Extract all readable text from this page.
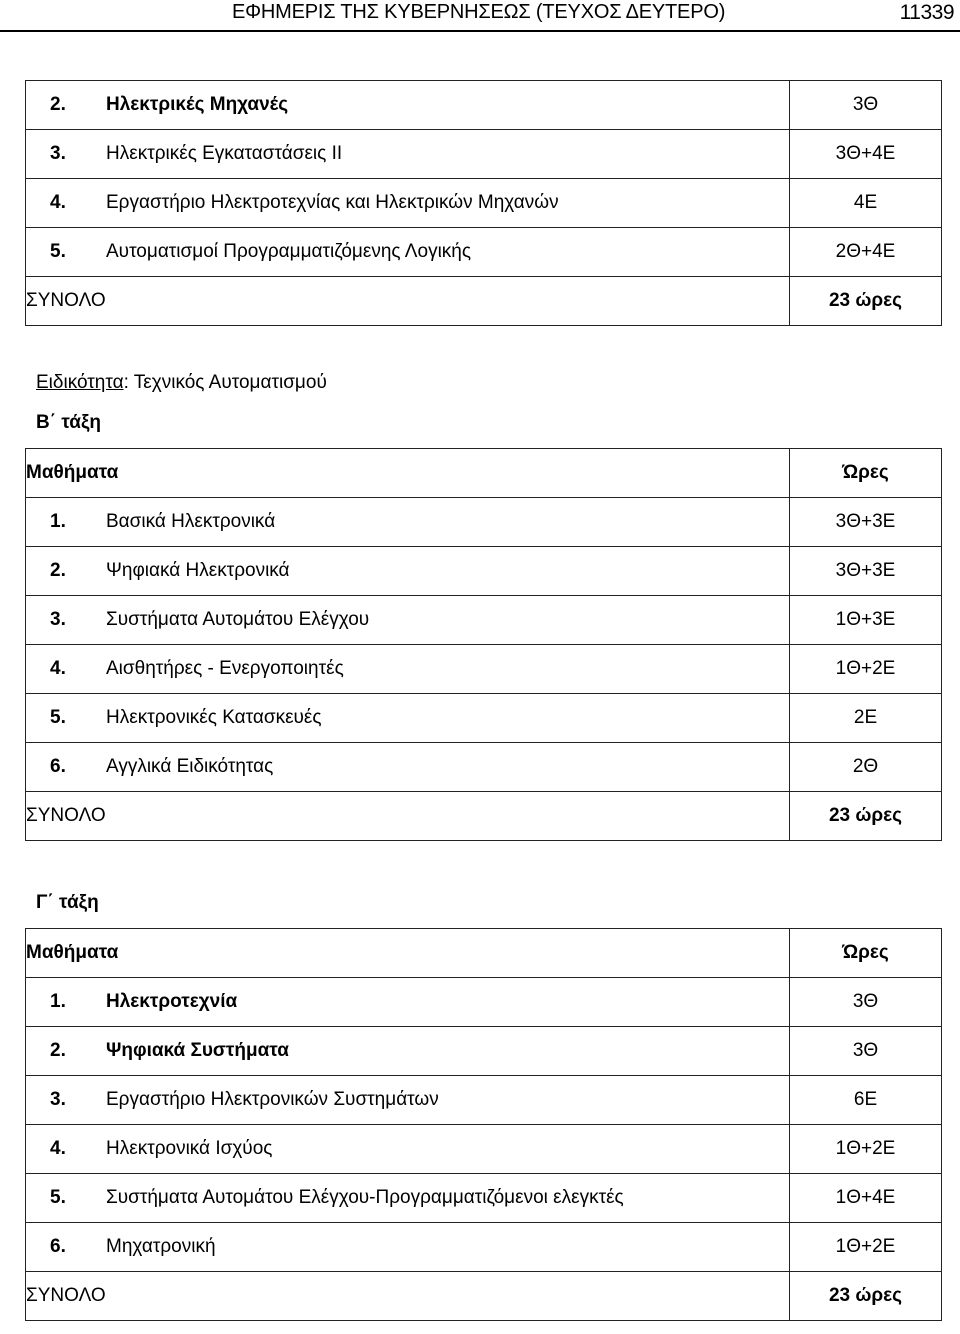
ΕΦΗΜΕΡΙΣ ΤΗΣ ΚΥΒΕΡΝΗΣΕΩΣ (ΤΕΥΧΟΣ ΔΕΥΤΕΡΟ)	11339
2. Ηλεκτρικές Μηχανές	3Θ
3. Ηλεκτρικές Εγκαταστάσεις ΙΙ	3Θ+4Ε
4. Εργαστήριο Ηλεκτροτεχνίας και Ηλεκτρικών Μηχανών	4Ε
5. Αυτοματισμοί Προγραμματιζόμενης Λογικής	2Θ+4Ε
ΣΥΝΟΛΟ	23 ώρες
Ειδικότητα: Τεχνικός Αυτοματισμού
Β΄ τάξη
Μαθήματα	Ώρες
1. Βασικά Ηλεκτρονικά	3Θ+3Ε
2. Ψηφιακά Ηλεκτρονικά	3Θ+3Ε
3. Συστήματα Αυτομάτου Ελέγχου	1Θ+3Ε
4. Αισθητήρες - Ενεργοποιητές	1Θ+2Ε
5. Ηλεκτρονικές Κατασκευές	2Ε
6. Αγγλικά Ειδικότητας	2Θ
ΣΥΝΟΛΟ	23 ώρες
Γ΄ τάξη
Μαθήματα	Ώρες
1. Ηλεκτροτεχνία	3Θ
2. Ψηφιακά Συστήματα	3Θ
3. Εργαστήριο Ηλεκτρονικών Συστημάτων	6Ε
4. Ηλεκτρονικά Ισχύος	1Θ+2Ε
5. Συστήματα Αυτομάτου Ελέγχου-Προγραμματιζόμενοι ελεγκτές	1Θ+4Ε
6. Μηχατρονική	1Θ+2Ε
ΣΥΝΟΛΟ	23 ώρες
